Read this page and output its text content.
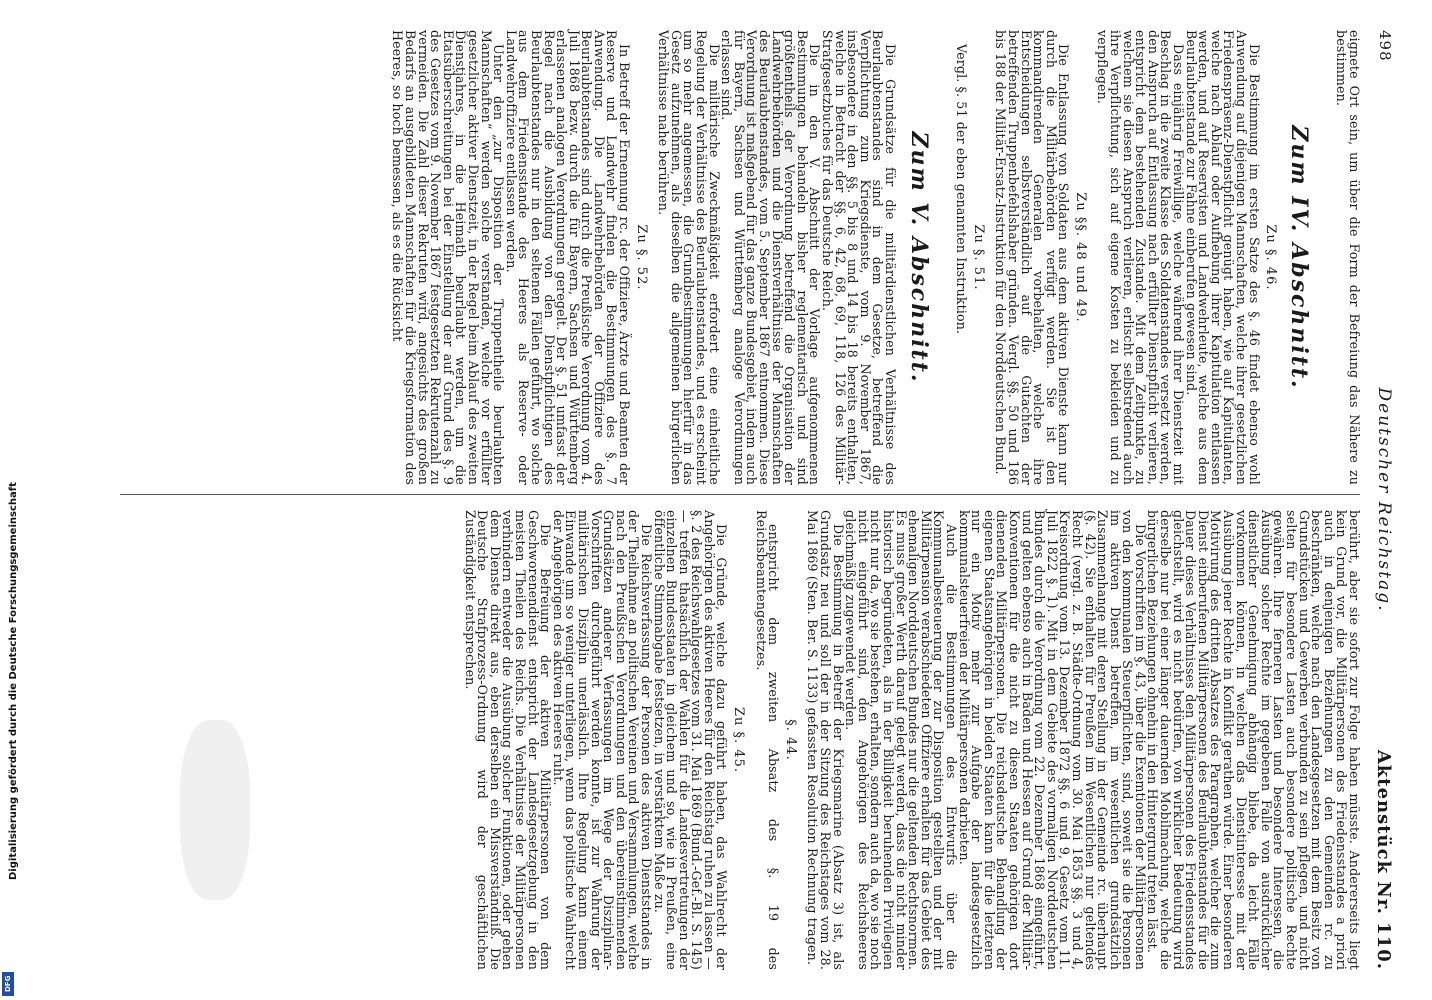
Digitalisierung gefördert durch die Deutsche Forschungsgemeinschaft
DFG
498
Deutscher Reichstag.
Aktenstück Nr. 110.

eignete Ort sein, um über die Form der Befreiung das Nähere zu bestimmen.

Zum IV. Abschnitt.
Zu §. 46.

Die Bestimmung im ersten Satze des §. 46 findet ebenso wohl Anwendung auf diejenigen Mannschaften, welche ihrer gesetzlichen Friedenspräsenz-Dienstpflicht genügt haben, wie auf Kapitulanten, welche nach Ablauf oder Aufhebung ihrer Kapitulation entlassen werden, und auf Reservisten und Landwehrleute, welche aus dem Beurlaubtenstande zur Fahne einberufen gewesen sind.

Dass einjährig Freiwillige, welche während ihrer Dienstzeit mit Beschlag in die zweite Klasse des Soldatenstandes versetzt werden, den Anspruch auf Entlassung nach erfüllter Dienstpflicht verlieren, entspricht dem bestehenden Zustande. Mit dem Zeitpunkte, zu welchem sie diesen Anspruch verlieren, erlischt selbstredend auch ihre Verpflichtung, sich auf eigene Kosten zu bekleiden und zu verpflegen.

Zu §§. 48 und 49.

Die Entlassung von Soldaten aus dem aktiven Dienste kann nur durch die Militärbehörden verfügt werden. Sie ist den kommandirenden Generalen vorbehalten, welche ihre Entscheidungen selbstverständlich auf die Gutachten der betreffenden Truppenbefehlshaber gründen. Vergl. §§. 50 und 186 bis 188 der Militär-Ersatz-Instruktion für den Norddeutschen Bund.

Zu §. 51.

Vergl. §. 51 der eben genannten Instruktion.

Zum V. Abschnitt.

Die Grundsätze für die militärdienstlichen Verhältnisse des Beurlaubtenstandes sind in dem Gesetze, betreffend die Verpflichtung zum Kriegsdienste, vom 9. November 1867, insbesondere in den §§. 5 bis 8 und 14 bis 18 bereits enthalten, welche in Betracht der §§. 6, 42, 68, 69, 118, 126 des Militär-Strafgesetzbuches für das Deutsche Reich.

Die in den V. Abschnitt der Vorlage aufgenommenen Bestimmungen behandeln bisher reglementarisch und sind größtentheils der Verordnung betreffend die Organisation der Landwehrbehörden und die Dienstverhältnisse der Mannschaften des Beurlaubtenstandes, vom 5. September 1867 entnommen. Diese Verordnung ist maßgebend für das ganze Bundesgebiet, indem auch für Bayern, Sachsen und Württemberg analoge Verordnungen erlassen sind.

Die militärische Zweckmäßigkeit erfordert eine einheitliche Regelung der Verhältnisse des Beurlaubtenstandes, und es erscheint um so mehr angemessen, die Grundbestimmungen hierfür in das Gesetz aufzunehmen, als dieselben die allgemeinen bürgerlichen Verhältnisse nahe berühren.

Zu §. 52.

In Betreff der Ernennung rc. der Offiziere, Ärzte und Beamten der Reserve und Landwehr finden die Bestimmungen des §. 7 Anwendung. Die Landwehrbehörden der Offiziere des Beurlaubtenstandes sind durch die Preußische Verordnung vom 4. Juli 1868 bezw. durch die für Bayern, Sachsen und Württemberg erlassenen analogen Verordnungen geregelt. Der §. 51 umfasst der Regel nach die Ausbildung von den Dienstpflichtigen des Beurlaubtenstandes nur in den seltenen Fällen geführt, wo solche aus dem Friedensstande des Heeres als Reserve- oder Landwehroffiziere entlassen werden.

Unter den „zur Disposition der Truppentheile beurlaubten Mannschaften“ werden solche verstanden, welche vor erfüllter gesetzlicher aktiver Dienstzeit, in der Regel beim Ablauf des zweiten Dienstjahres, in die Heimath beurlaubt werden, um die Etatsüberschreitungen bei der Einstellung der auf Grund des §. 9 des Gesetzes vom 9. November 1867 festgesetzten Rekrutenzahl zu vermeiden. Die Zahl dieser Rekruten wird, angesichts des großen Bedarfs an ausgebildeten Mannschaften für die Kriegsformation des Heeres, so hoch bemessen, als es die Rücksicht

berührt, aber sie sofort zur Folge haben müsste. Andererseits liegt kein Grund vor, die Militärpersonen des Friedensstandes a priori auch in denjenigen Beziehungen zu den Gemeinden rc. zu beschränken, welche nach den Landesgesetzen mit dem Besitz von Grundstücken und Gewerben verbunden zu sein pflegen, und nicht selten für besondere Lasten auch besondere politische Rechte gewähren. Ihre ferneren Lasten und besondere Interessen, die Ausübung solcher Rechte im gegebenen Falle von ausdrücklicher dienstlicher Genehmigung abhängig bliebe, da leicht Fälle vorkommen können, in welchen das Dienstinteresse mit der Ausübung jener Rechte in Konflikt gerathen würde. Einer besonderen Motivirung des dritten Absatzes des Paragraphen, welcher die zum Dienst einberufenen Militärpersonen des Beurlaubtenstandes für die Dauer dieses Verhältnisses den Militärpersonen des Friedensstandes gleichstellt, wird es nicht bedürfen, von wirklicher Bedeutung wird derselbe nur bei einer länger dauernden Mobilmachung, welche die bürgerlichen Beziehungen ohnehin in den Hintergrund treten lässt.

Die Vorschriften im §. 43, über die Exemtionen der Militärpersonen von den kommunalen Steuerpflichten, sind, soweit sie die Personen im aktiven Dienst betreffen, im wesentlichen grundsätzlich Zusammenhange mit deren Stellung in der Gemeinde rc. überhaupt (§. 42). Sie enthalten für Preußen im Wesentlichen nur geltendes Recht (vergl. z. B. Städte-Ordnung vom 30. Mai 1853 §§. 3 und 4, Kreisordnung vom 13. Dezember 1872 §§. 6 und 9, Gesetz vom 11. Juli 1822 §. 1). Mit in dem Gebiete des vormaligen Norddeutschen Bundes durch die Verordnung vom 22. Dezember 1868 eingeführt, und gelten ebenso auch in Baden und Hessen auf Grund der Militär-Konventionen für die nicht zu diesen Staaten gehörigen dort dienenden Militärpersonen. Die reichsdeutsche Behandlung der eigenen Staatsangehörigen in beiden Staaten kann für die letzteren nur ein Motiv mehr zur Aufgabe der landesgesetzlich kommunalsteuerfreien der Militärpersonen darbieten.

Auch die Bestimmungen des Entwurfs über die Kommunalbesteuerung der zur Disposition gestellten und der mit Militärpension verabschiedeten Offiziere erhalten für das Gebiet des ehemaligen Norddeutschen Bundes nur die geltenden Rechtsnormen. Es muss großer Werth darauf gelegt werden, dass die nicht minder historisch begründeten, als in der Billigkeit beruhenden Privilegien nicht nur da, wo sie bestehen, erhalten, sondern auch da, wo sie noch nicht eingeführt sind, den Angehörigen des Reichsheeres gleichmäßig zugewendet werden.

Die Bestimmung in Betreff der Kriegsmarine (Absatz 3) ist, als Grundsatz neu und soll der in der Sitzung des Reichstages vom 28. Mai 1869 (Sten. Ber. S. 1133) gefassten Resolution Rechnung tragen.

§. 44.

entspricht dem zweiten Absatz des §. 19 des Reichsbeamtengesetzes.

Zu §. 45.

Die Gründe, welche dazu geführt haben, das Wahlrecht der Angehörigen des aktiven Heeres für den Reichstag ruhen zu lassen — §. 2 des Reichswahlgesetzes vom 31. Mai 1869 (Bund.-Gef.-Bl. S. 145) — treffen thatsächlich der Wahlen für die Landesvertretungen der einzelnen Bundesstaaten in gleichem und so, wie in Preußen, eine öffentliche Stimmabgabe festsetzen, in verstärktem Maße zu.

Die Reichsverfassung der Personen des aktiven Dienststandes in der Theilnahme an politischen Vereinen und Versammlungen, welche nach den Preußischen Verordnungen und den übereinstimmenden Grundsätzen anderer Verfassungen im Wege der Disziplinar-Vorschriften durchgeführt werden konnte, ist zur Wahrung der militärischen Disziplin unerlässlich. Ihre Regelung kann einem Einwande um so weniger unterliegen, wenn das politische Wahlrecht der Angehörigen des aktiven Heeres ruht.

Die Befreiung der aktiven Militärpersonen von dem Geschworenendienst entspricht der Landesgesetzgebung in den meisten Theilen des Reichs. Die Verhältnisse der Militärpersonen verhindern entweder die Ausübung solcher Funktionen, oder gehen dem Dienste direkt aus, eben derselben ein Missverständniß. Die Deutsche Strafprozess-Ordnung wird der geschäftlichen Zuständigkeit entsprechen.
